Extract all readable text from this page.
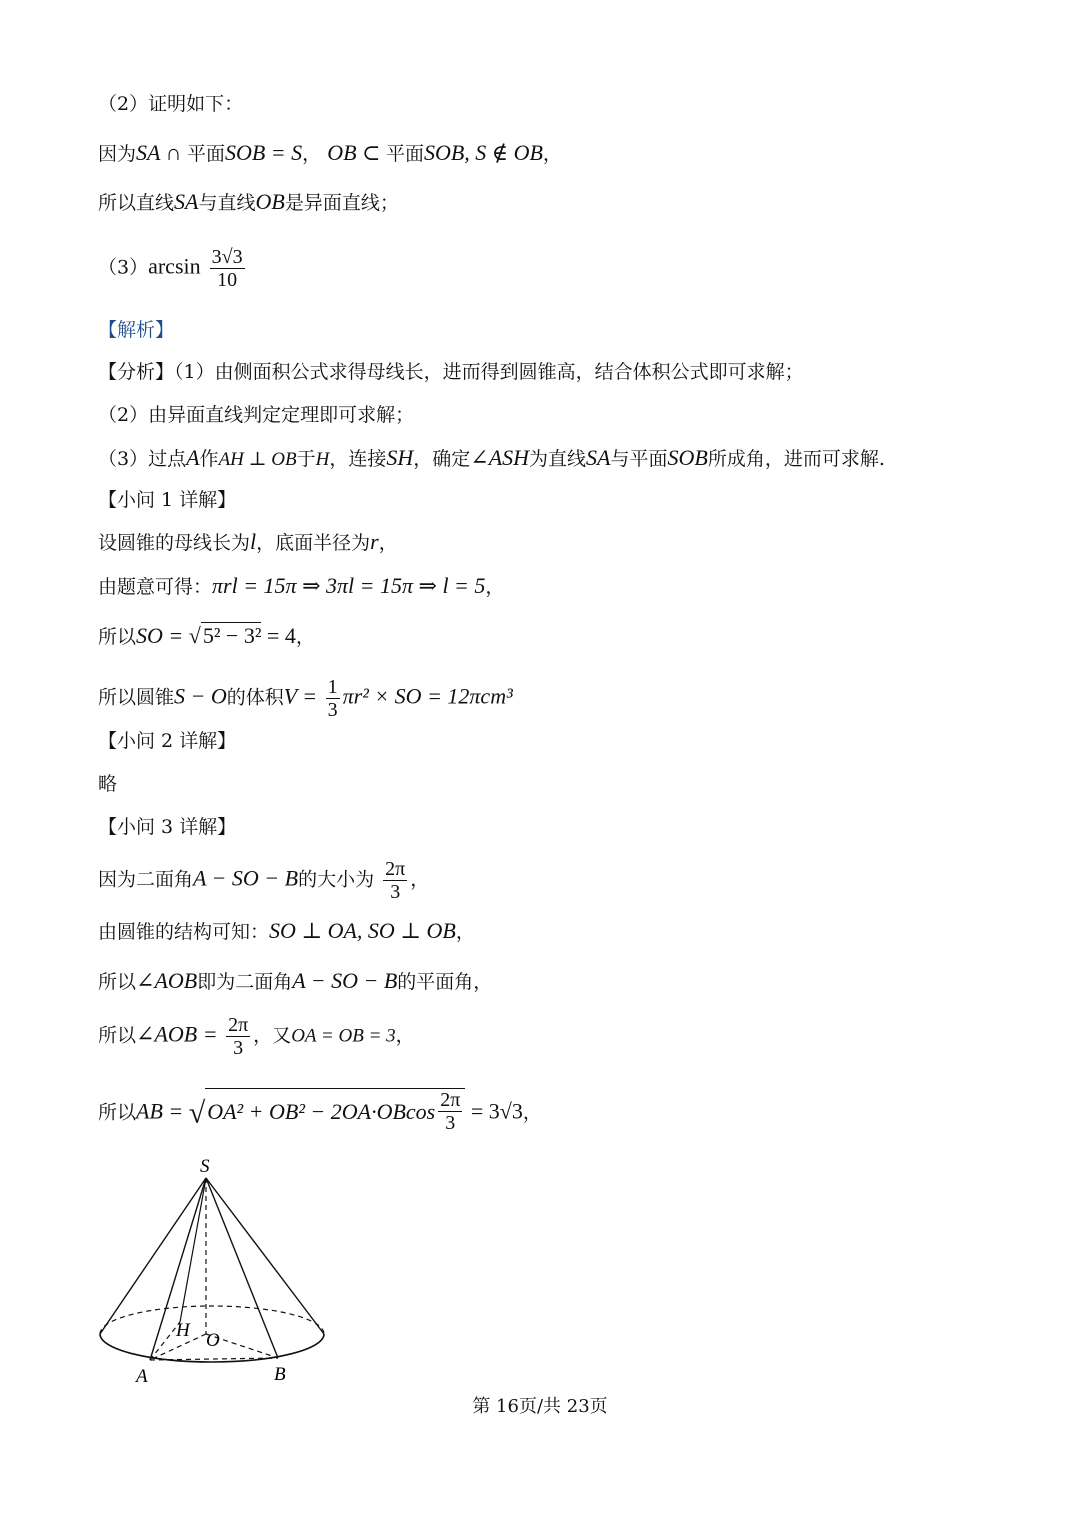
（2）证明如下：
因为SA ∩ 平面SOB = S， OB ⊂ 平面SOB, S ∉ OB，
所以直线SA与直线OB是异面直线；
$(3)\arcsin \frac{3√3}{10}$
【解析】
【分析】（1）由侧面积公式求得母线长，进而得到圆锥高，结合体积公式即可求解；
（2）由异面直线判定定理即可求解；
（3）过点A作AH ⊥ OB于H，连接SH，确定∠ASH为直线SA与平面SOB所成角，进而可求解.
【小问 1 详解】
设圆锥的母线长为l，底面半径为r，
由题意可得：πrl = 15π ⇒ 3πl = 15π ⇒ l = 5，
所以SO = √5² − 3² = 4，
所以圆锥S − O的体积$V = \frac{1}{3} \pi r^2$ × SO = 12πcm³
【小问 2 详解】
略
【小问 3 详解】
因为二面角A − SO − B的大小为 $\frac{2\pi}{3}$ ，
由圆锥的结构可知：SO ⊥ OA, SO ⊥ OB，
所以∠AOB即为二面角A − SO − B的平面角，
所以∠AOB = $\frac{2\pi}{3}$ ，又OA = OB = 3，
所以AB = √ $OA^2 + OB^2 - 2OA\cdot OBcos \frac{2\pi}{3} = 3√3$，
S
H O
A	B
第 16页/共 23页
